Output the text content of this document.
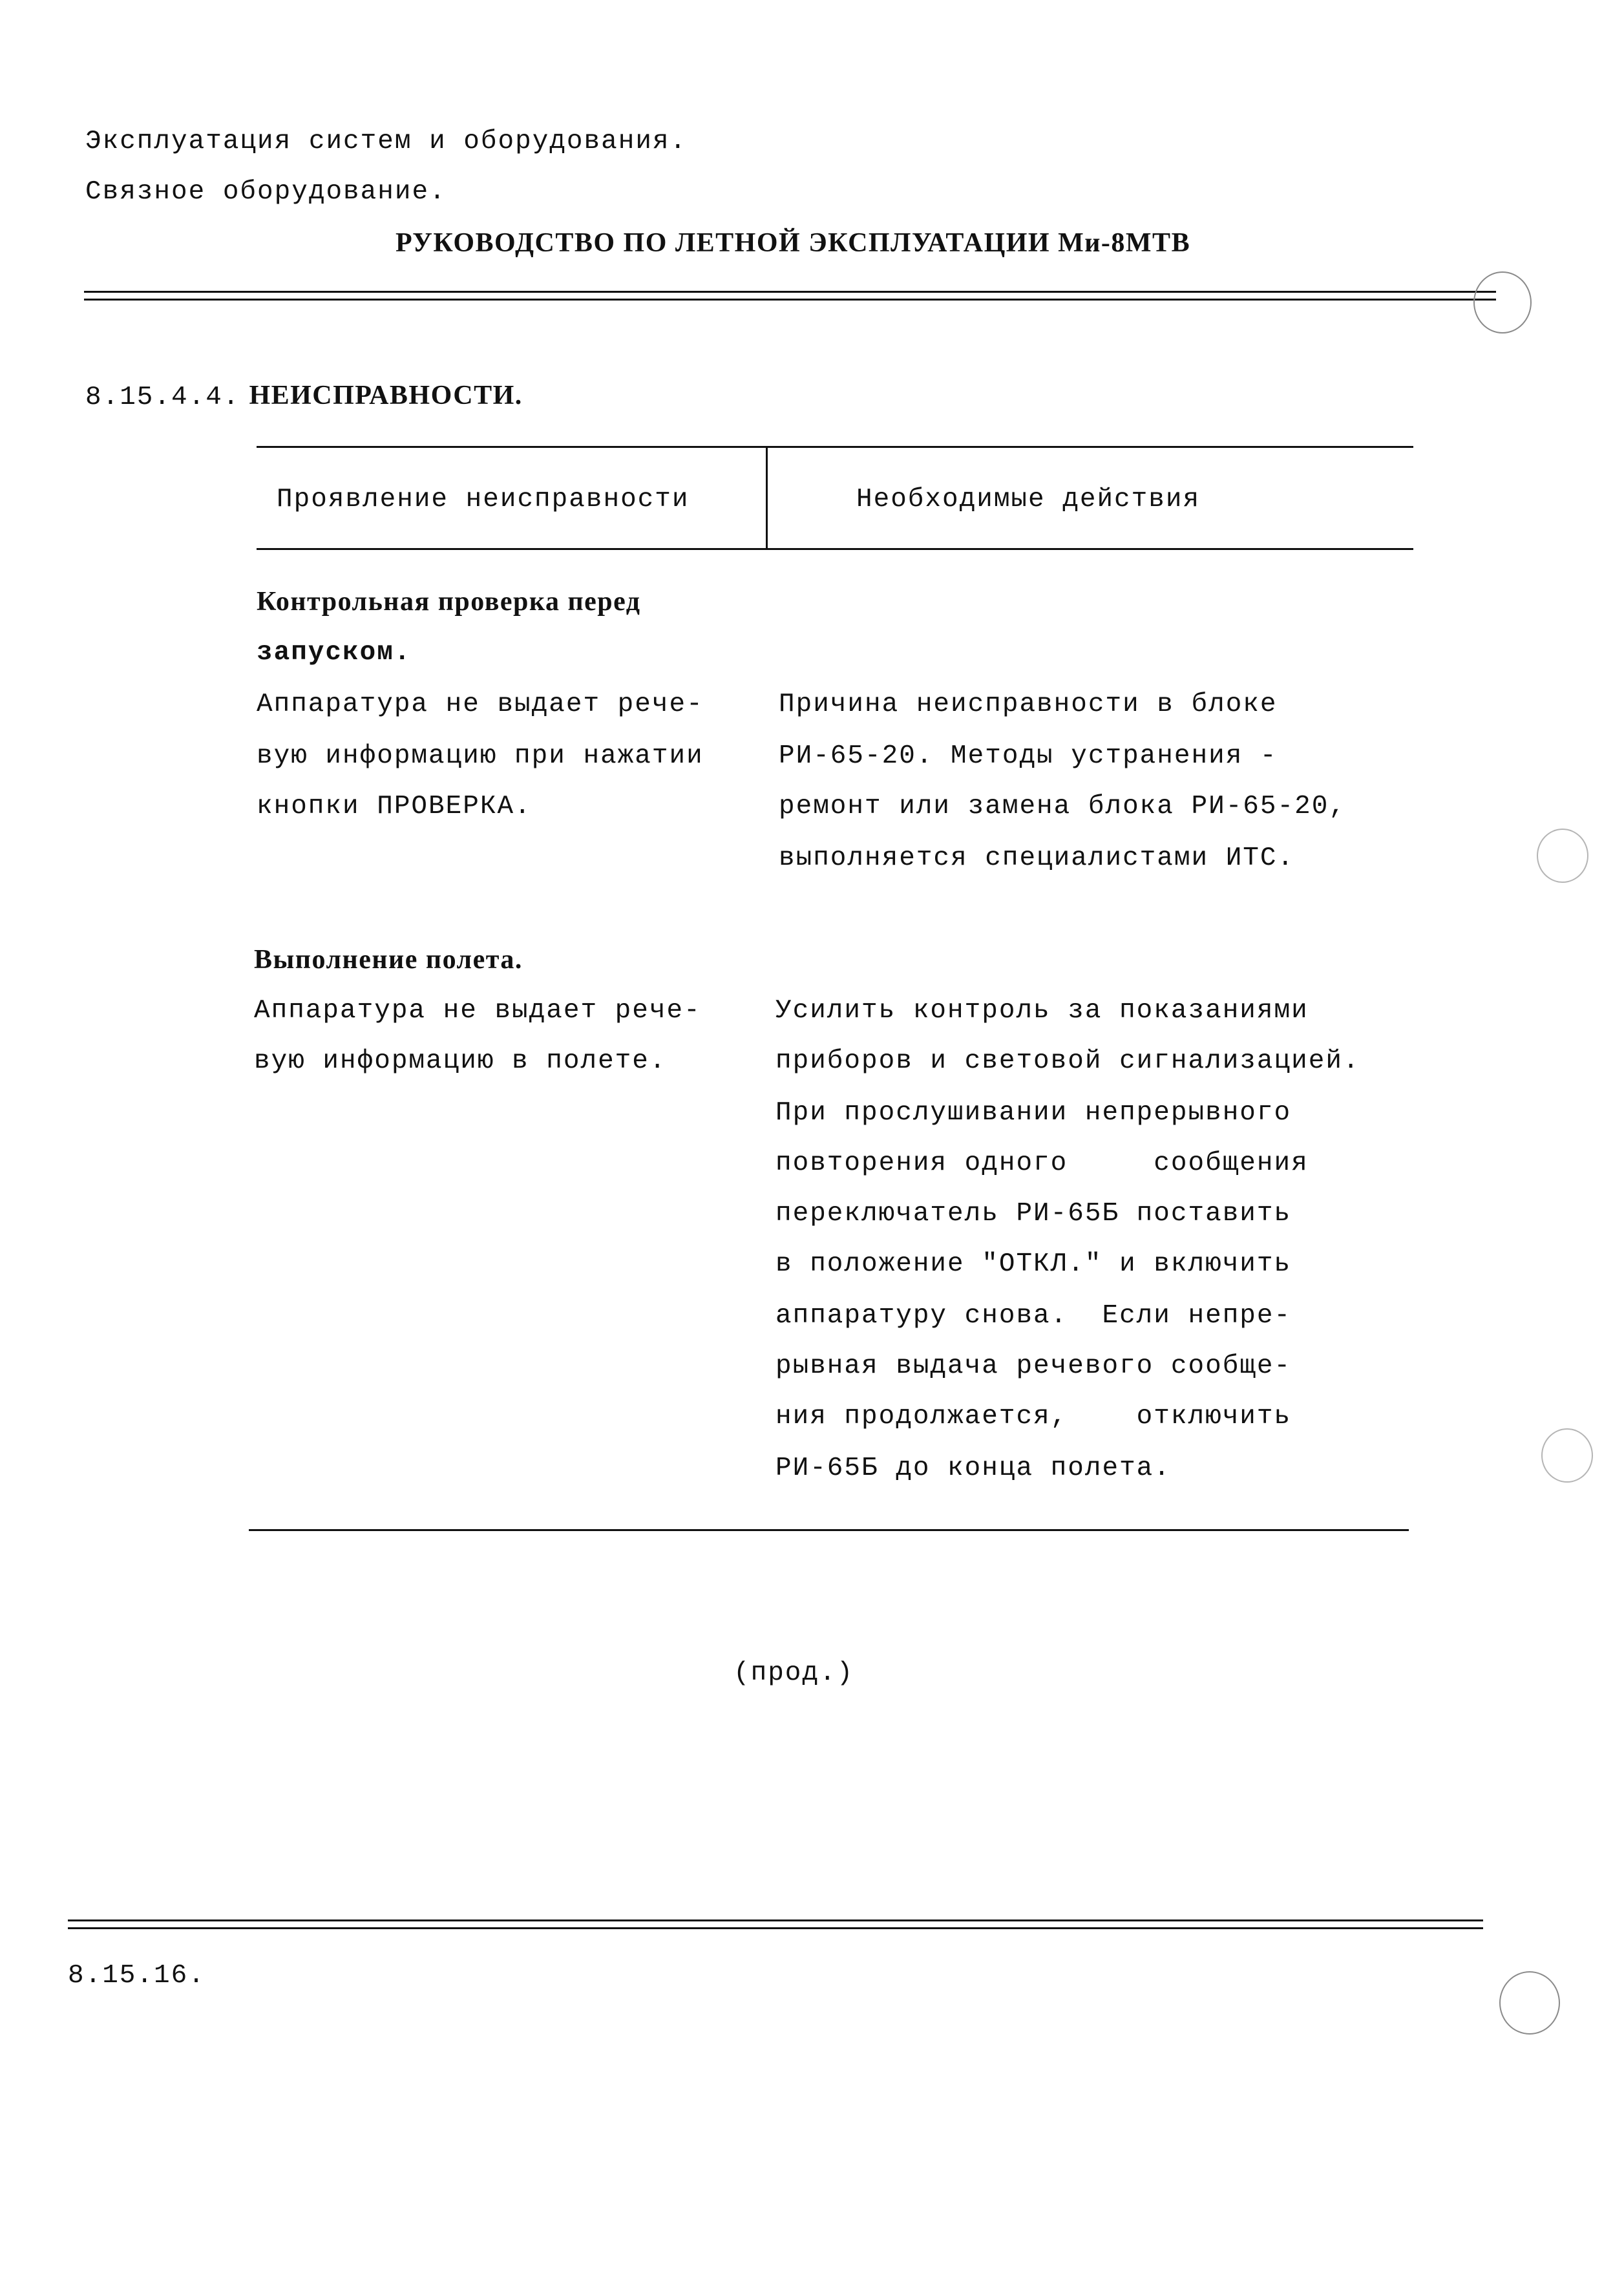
Эксплуатация систем и оборудования.
Связное оборудование.
РУКОВОДСТВО ПО ЛЕТНОЙ ЭКСПЛУАТАЦИИ Ми-8МТВ
8.15.4.4. НЕИСПРАВНОСТИ.
Проявление неисправности	Необходимые действия
Контрольная проверка перед
запуском.
Аппаратура не выдает рече-
вую информацию при нажатии
кнопки ПРОВЕРКА.
Причина неисправности в блоке
РИ-65-20. Методы устранения -
ремонт или замена блока РИ-65-20,
выполняется специалистами ИТС.
Выполнение полета.
Аппаратура не выдает рече-
вую информацию в полете.
Усилить контроль за показаниями
приборов и световой сигнализацией.
При прослушивании непрерывного
повторения одного     сообщения
переключатель РИ-65Б поставить
в положение "ОТКЛ." и включить
аппаратуру снова.  Если непре-
рывная выдача речевого сообще-
ния продолжается,    отключить
РИ-65Б до конца полета.
(прод.)
8.15.16.
